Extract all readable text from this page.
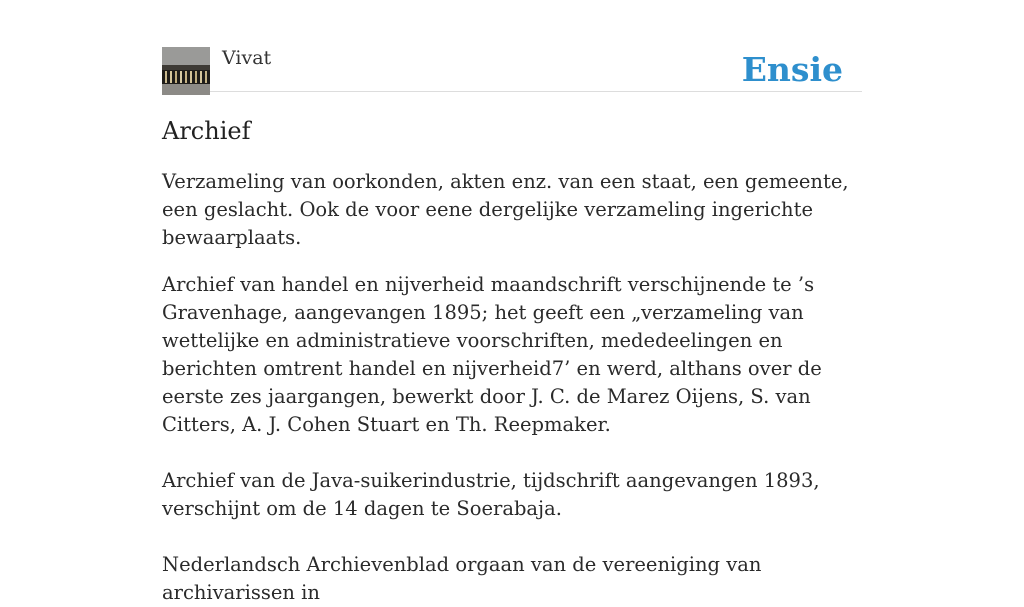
Vivat	Ensie
Archief

Verzameling van oorkonden, akten enz. van een staat, een gemeente, een geslacht. Ook de voor eene dergelijke verzameling ingerichte bewaarplaats.

Archief van handel en nijverheid maandschrift verschijnende te ’s Gravenhage, aangevangen 1895; het geeft een „verzameling van wettelijke en administratieve voorschriften, mededeelingen en berichten omtrent handel en nijverheid7’ en werd, althans over de eerste zes jaargangen, bewerkt door J. C. de Marez Oijens, S. van Citters, A. J. Cohen Stuart en Th. Reepmaker.

Archief van de Java-suikerindustrie, tijdschrift aangevangen 1893, verschijnt om de 14 dagen te Soerabaja.

Nederlandsch Archievenblad orgaan van de vereeniging van archivarissen in
